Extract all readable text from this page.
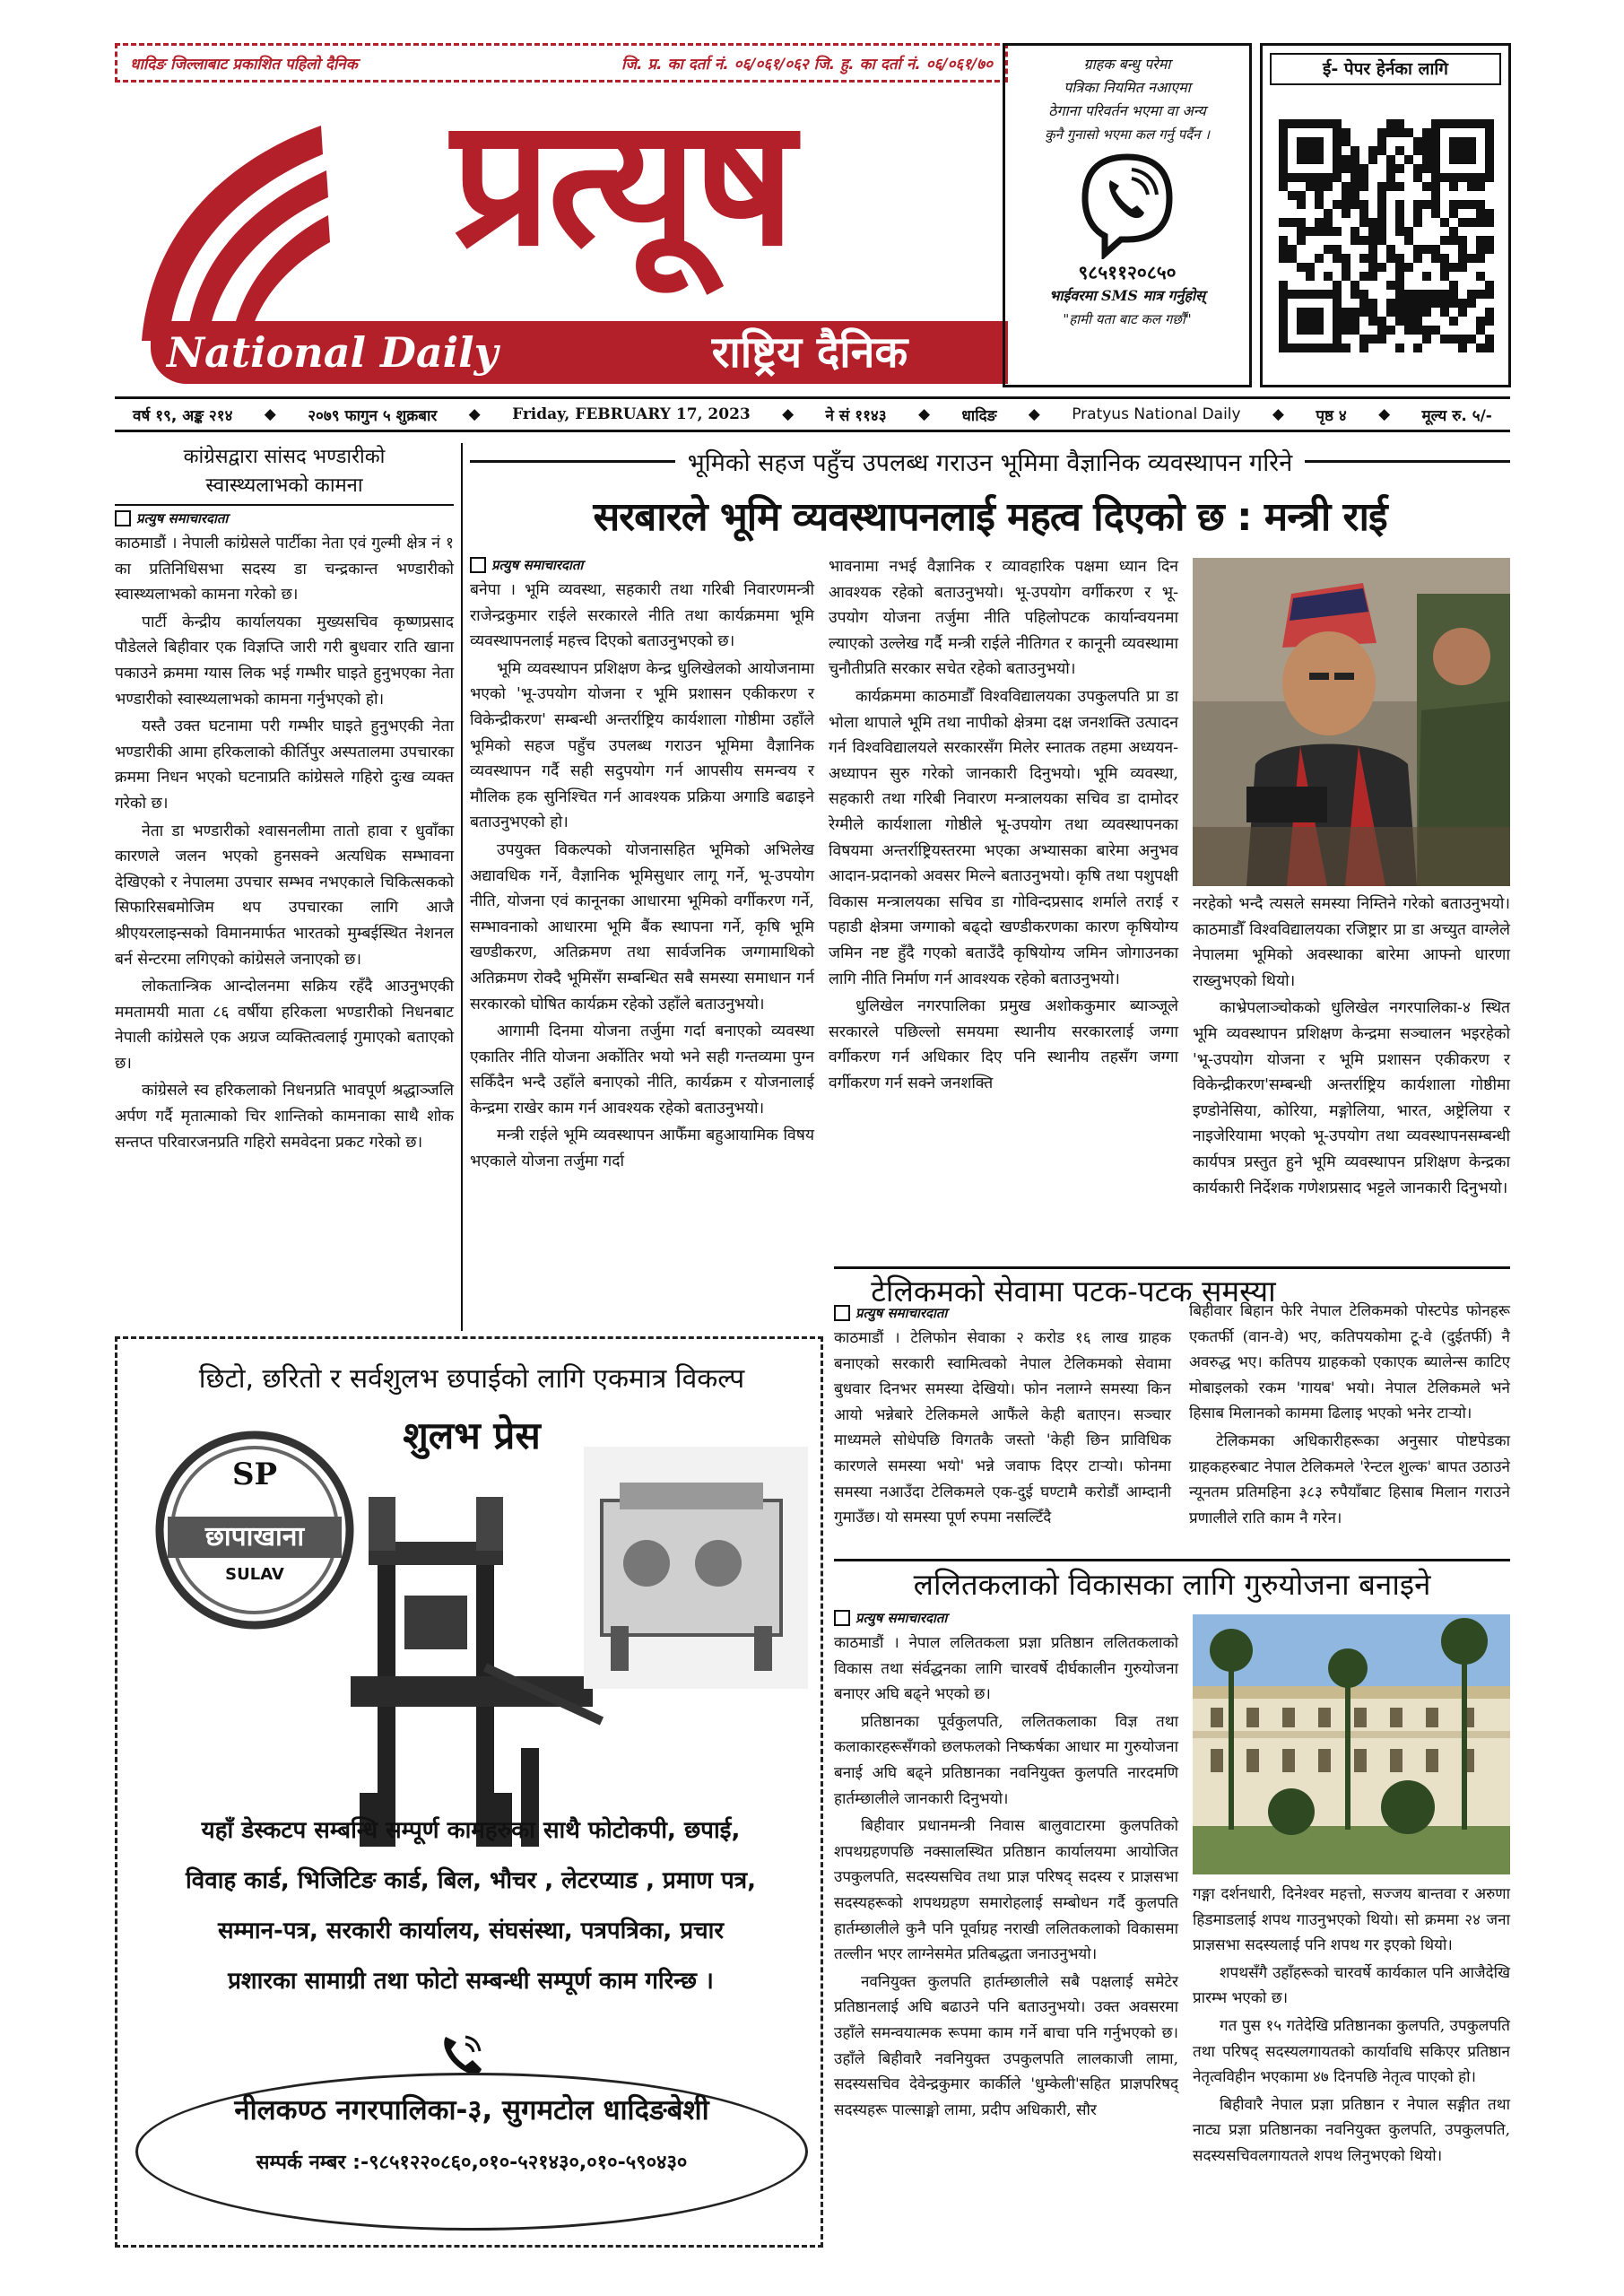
धादिङ जिल्लाबाट प्रकाशित पहिलो दैनिक	जि. प्र. का दर्ता नं. ०६/०६१/०६२ जि. हु. का दर्ता नं. ०६/०६१/७०
प्रत्यूष
National Daily	राष्ट्रिय दैनिक
ग्राहक बन्धु परेमा
पत्रिका नियमित नआएमा
ठेगाना परिवर्तन भएमा वा अन्य
कुनै गुनासो भएमा कल गर्नु पर्दैन ।
९८५११२०८५०
भाईवरमा SMS मात्र गर्नुहोस्
"हामी यता बाट कल गर्छौं"
ई- पेपर हेर्नका लागि
वर्ष १९, अङ्क २१४ ◆ २०७९ फागुन ५ शुक्रबार ◆ Friday, FEBRUARY 17, 2023 ◆ ने सं ११४३ ◆ धादिङ ◆ Pratyus National Daily ◆ पृष्ठ ४ ◆ मूल्य रु. ५/-
कांग्रेसद्वारा सांसद भण्डारीको
स्वास्थ्यलाभको कामना
प्रत्युष समाचारदाता

काठमाडौं । नेपाली कांग्रेसले पार्टीका नेता एवं गुल्मी क्षेत्र नं १ का प्रतिनिधिसभा सदस्य डा चन्द्रकान्त भण्डारीको स्वास्थ्यलाभको कामना गरेको छ।

पार्टी केन्द्रीय कार्यालयका मुख्यसचिव कृष्णप्रसाद पौडेलले बिहीवार एक विज्ञप्ति जारी गरी बुधवार राति खाना पकाउने क्रममा ग्यास लिक भई गम्भीर घाइते हुनुभएका नेता भण्डारीको स्वास्थ्यलाभको कामना गर्नुभएको हो।

यस्तै उक्त घटनामा परी गम्भीर घाइते हुनुभएकी नेता भण्डारीकी आमा हरिकलाको कीर्तिपुर अस्पतालमा उपचारका क्रममा निधन भएको घटनाप्रति कांग्रेसले गहिरो दुःख व्यक्त गरेको छ।

नेता डा भण्डारीको श्वासनलीमा तातो हावा र धुवाँका कारणले जलन भएको हुनसक्ने अत्यधिक सम्भावना देखिएको र नेपालमा उपचार सम्भव नभएकाले चिकित्सकको सिफारिसबमोजिम थप उपचारका लागि आजै श्रीएयरलाइन्सको विमानमार्फत भारतको मुम्बईस्थित नेशनल बर्न सेन्टरमा लगिएको कांग्रेसले जनाएको छ।

लोकतान्त्रिक आन्दोलनमा सक्रिय रहँदै आउनुभएकी ममतामयी माता ८६ वर्षीया हरिकला भण्डारीको निधनबाट नेपाली कांग्रेसले एक अग्रज व्यक्तित्वलाई गुमाएको बताएको छ।

कांग्रेसले स्व हरिकलाको निधनप्रति भावपूर्ण श्रद्धाञ्जलि अर्पण गर्दै मृतात्माको चिर शान्तिको कामनाका साथै शोक सन्तप्त परिवारजनप्रति गहिरो समवेदना प्रकट गरेको छ।

भूमिको सहज पहुँच उपलब्ध गराउन भूमिमा वैज्ञानिक व्यवस्थापन गरिने
सरबारले भूमि व्यवस्थापनलाई महत्व दिएको छ : मन्त्री राई
प्रत्युष समाचारदाता

बनेपा । भूमि व्यवस्था, सहकारी तथा गरिबी निवारणमन्त्री राजेन्द्रकुमार राईले सरकारले नीति तथा कार्यक्रममा भूमि व्यवस्थापनलाई महत्त्व दिएको बताउनुभएको छ।

भूमि व्यवस्थापन प्रशिक्षण केन्द्र धुलिखेलको आयोजनामा भएको 'भू-उपयोग योजना र भूमि प्रशासन एकीकरण र विकेन्द्रीकरण' सम्बन्धी अन्तर्राष्ट्रिय कार्यशाला गोष्ठीमा उहाँले भूमिको सहज पहुँच उपलब्ध गराउन भूमिमा वैज्ञानिक व्यवस्थापन गर्दै सही सदुपयोग गर्न आपसीय समन्वय र मौलिक हक सुनिश्चित गर्न आवश्यक प्रक्रिया अगाडि बढाइने बताउनुभएको हो।

उपयुक्त विकल्पको योजनासहित भूमिको अभिलेख अद्यावधिक गर्ने, वैज्ञानिक भूमिसुधार लागू गर्ने, भू-उपयोग नीति, योजना एवं कानूनका आधारमा भूमिको वर्गीकरण गर्ने, सम्भावनाको आधारमा भूमि बैंक स्थापना गर्ने, कृषि भूमि खण्डीकरण, अतिक्रमण तथा सार्वजनिक जग्गामाथिको अतिक्रमण रोक्दै भूमिसँग सम्बन्धित सबै समस्या समाधान गर्न सरकारको घोषित कार्यक्रम रहेको उहाँले बताउनुभयो।

आगामी दिनमा योजना तर्जुमा गर्दा बनाएको व्यवस्था एकातिर नीति योजना अर्कोतिर भयो भने सही गन्तव्यमा पुग्न सकिँदैन भन्दै उहाँले बनाएको नीति, कार्यक्रम र योजनालाई केन्द्रमा राखेर काम गर्न आवश्यक रहेको बताउनुभयो।

मन्त्री राईले भूमि व्यवस्थापन आफैँमा बहुआयामिक विषय भएकाले योजना तर्जुमा गर्दा

भावनामा नभई वैज्ञानिक र व्यावहारिक पक्षमा ध्यान दिन आवश्यक रहेको बताउनुभयो। भू-उपयोग वर्गीकरण र भू-उपयोग योजना तर्जुमा नीति पहिलोपटक कार्यान्वयनमा ल्याएको उल्लेख गर्दै मन्त्री राईले नीतिगत र कानूनी व्यवस्थामा चुनौतीप्रति सरकार सचेत रहेको बताउनुभयो।

कार्यक्रममा काठमाडौँ विश्वविद्यालयका उपकुलपति प्रा डा भोला थापाले भूमि तथा नापीको क्षेत्रमा दक्ष जनशक्ति उत्पादन गर्न विश्वविद्यालयले सरकारसँग मिलेर स्नातक तहमा अध्ययन-अध्यापन सुरु गरेको जानकारी दिनुभयो। भूमि व्यवस्था, सहकारी तथा गरिबी निवारण मन्त्रालयका सचिव डा दामोदर रेग्मीले कार्यशाला गोष्ठीले भू-उपयोग तथा व्यवस्थापनका विषयमा अन्तर्राष्ट्रियस्तरमा भएका अभ्यासका बारेमा अनुभव आदान-प्रदानको अवसर मिल्ने बताउनुभयो। कृषि तथा पशुपक्षी विकास मन्त्रालयका सचिव डा गोविन्दप्रसाद शर्माले तराई र पहाडी क्षेत्रमा जग्गाको बढ्दो खण्डीकरणका कारण कृषियोग्य जमिन नष्ट हुँदै गएको बताउँदै कृषियोग्य जमिन जोगाउनका लागि नीति निर्माण गर्न आवश्यक रहेको बताउनुभयो।

धुलिखेल नगरपालिका प्रमुख अशोककुमार ब्याञ्जूले सरकारले पछिल्लो समयमा स्थानीय सरकारलाई जग्गा वर्गीकरण गर्न अधिकार दिए पनि स्थानीय तहसँग जग्गा वर्गीकरण गर्न सक्ने जनशक्ति

नरहेको भन्दै त्यसले समस्या निम्तिने गरेको बताउनुभयो। काठमाडौँ विश्वविद्यालयका रजिष्ट्रार प्रा डा अच्युत वाग्लेले नेपालमा भूमिको अवस्थाका बारेमा आफ्नो धारणा राख्नुभएको थियो।

काभ्रेपलाञ्चोकको धुलिखेल नगरपालिका-४ स्थित भूमि व्यवस्थापन प्रशिक्षण केन्द्रमा सञ्चालन भइरहेको 'भू-उपयोग योजना र भूमि प्रशासन एकीकरण र विकेन्द्रीकरण'सम्बन्धी अन्तर्राष्ट्रिय कार्यशाला गोष्ठीमा इण्डोनेसिया, कोरिया, मङ्गोलिया, भारत, अष्ट्रेलिया र नाइजेरियामा भएको भू-उपयोग तथा व्यवस्थापनसम्बन्धी कार्यपत्र प्रस्तुत हुने भूमि व्यवस्थापन प्रशिक्षण केन्द्रका कार्यकारी निर्देशक गणेशप्रसाद भट्टले जानकारी दिनुभयो।

छिटो, छरितो र सर्वशुलभ छपाईको लागि एकमात्र विकल्प
शुलभ प्रेस
SP
छापाखाना
SULAV
यहाँ डेस्कटप सम्बन्धि सम्पूर्ण कामहरुका साथै फोटोकपी, छपाई,
विवाह कार्ड, भिजिटिङ कार्ड, बिल, भौचर , लेटरप्याड , प्रमाण पत्र,
सम्मान-पत्र, सरकारी कार्यालय, संघसंस्था, पत्रपत्रिका, प्रचार
प्रशारका सामाग्री तथा फोटो सम्बन्धी सम्पूर्ण काम गरिन्छ ।
नीलकण्ठ नगरपालिका-३, सुगमटोल धादिङबेशी
सम्पर्क नम्बर :-९८५१२२०८६०,०१०-५२१४३०,०१०-५९०४३०
टेलिकमको सेवामा पटक-पटक समस्या
प्रत्युष समाचारदाता

काठमाडौं । टेलिफोन सेवाका २ करोड १६ लाख ग्राहक बनाएको सरकारी स्वामित्वको नेपाल टेलिकमको सेवामा बुधवार दिनभर समस्या देखियो। फोन नलाग्ने समस्या किन आयो भन्नेबारे टेलिकमले आफैंले केही बताएन। सञ्चार माध्यमले सोधेपछि विगतकै जस्तो 'केही छिन प्राविधिक कारणले समस्या भयो' भन्ने जवाफ दिएर टाऱ्यो। फोनमा समस्या नआउँदा टेलिकमले एक-दुई घण्टामै करोडौं आम्दानी गुमाउँछ। यो समस्या पूर्ण रुपमा नसल्टिँदै

बिहीवार बिहान फेरि नेपाल टेलिकमको पोस्टपेड फोनहरू एकतर्फी (वान-वे) भए, कतिपयकोमा टू-वे (दुईतर्फी) नै अवरुद्ध भए। कतिपय ग्राहकको एकाएक ब्यालेन्स काटिए मोबाइलको रकम 'गायब' भयो। नेपाल टेलिकमले भने हिसाब मिलानको काममा ढिलाइ भएको भनेर टाऱ्यो।

टेलिकमका अधिकारीहरूका अनुसार पोष्टपेडका ग्राहकहरुबाट नेपाल टेलिकमले 'रेन्टल शुल्क' बापत उठाउने न्यूनतम प्रतिमहिना ३८३ रुपैयाँबाट हिसाब मिलान गराउने प्रणालीले राति काम नै गरेन।

ललितकलाको विकासका लागि गुरुयोजना बनाइने
प्रत्युष समाचारदाता

काठमाडौं । नेपाल ललितकला प्रज्ञा प्रतिष्ठान ललितकलाको विकास तथा संर्वद्धनका लागि चारवर्षे दीर्घकालीन गुरुयोजना बनाएर अघि बढ्ने भएको छ।

प्रतिष्ठानका पूर्वकुलपति, ललितकलाका विज्ञ तथा कलाकारहरूसँगको छलफलको निष्कर्षका आधार मा गुरुयोजना बनाई अघि बढ्ने प्रतिष्ठानका नवनियुक्त कुलपति नारदमणि हार्तम्छालीले जानकारी दिनुभयो।

बिहीवार प्रधानमन्त्री निवास बालुवाटारमा कुलपतिको शपथग्रहणपछि नक्सालस्थित प्रतिष्ठान कार्यालयमा आयोजित उपकुलपति, सदस्यसचिव तथा प्राज्ञ परिषद् सदस्य र प्राज्ञसभा सदस्यहरूको शपथग्रहण समारोहलाई सम्बोधन गर्दै कुलपति हार्तम्छालीले कुनै पनि पूर्वाग्रह नराखी ललितकलाको विकासमा तल्लीन भएर लाग्नेसमेत प्रतिबद्धता जनाउनुभयो।

नवनियुक्त कुलपति हार्तम्छालीले सबै पक्षलाई समेटेर प्रतिष्ठानलाई अघि बढाउने पनि बताउनुभयो। उक्त अवसरमा उहाँले समन्वयात्मक रूपमा काम गर्ने बाचा पनि गर्नुभएको छ। उहाँले बिहीवारै नवनियुक्त उपकुलपति लालकाजी लामा, सदस्यसचिव देवेन्द्रकुमार कार्कीले 'धुम्केली'सहित प्राज्ञपरिषद् सदस्यहरू पाल्साङ्मो लामा, प्रदीप अधिकारी, सौर

गङ्गा दर्शनधारी, दिनेश्वर महत्तो, सज्जय बान्तवा र अरुणा हिडमाडलाई शपथ गाउनुभएको थियो। सो क्रममा २४ जना प्राज्ञसभा सदस्यलाई पनि शपथ गर इएको थियो।

शपथसँगै उहाँहरूको चारवर्षे कार्यकाल पनि आजैदेखि प्रारम्भ भएको छ।

गत पुस १५ गतेदेखि प्रतिष्ठानका कुलपति, उपकुलपति तथा परिषद् सदस्यलगायतको कार्यावधि सकिएर प्रतिष्ठान नेतृत्वविहीन भएकामा ४७ दिनपछि नेतृत्व पाएको हो।

बिहीवारै नेपाल प्रज्ञा प्रतिष्ठान र नेपाल सङ्गीत तथा नाट्य प्रज्ञा प्रतिष्ठानका नवनियुक्त कुलपति, उपकुलपति, सदस्यसचिवलगायतले शपथ लिनुभएको थियो।
